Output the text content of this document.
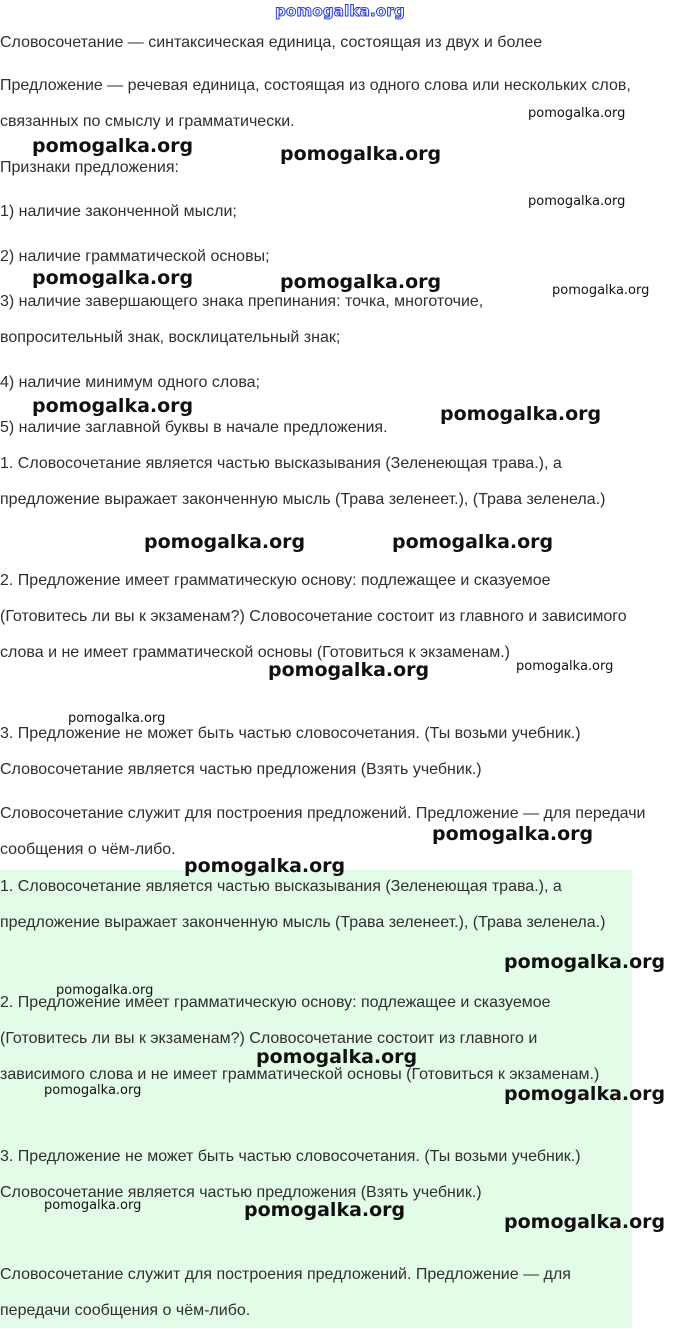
pomogalka.org

Словосочетание — синтаксическая единица, состоящая из двух и более

Предложение — речевая единица, состоящая из одного слова или нескольких слов, связанных по смыслу и грамматически.

Признаки предложения:

1) наличие законченной мысли;

2) наличие грамматической основы;

3) наличие завершающего знака препинания: точка, многоточие, вопросительный знак, восклицательный знак;

4) наличие минимум одного слова;

5) наличие заглавной буквы в начале предложения.

1. Словосочетание является частью высказывания (Зеленеющая трава.), а предложение выражает законченную мысль (Трава зеленеет.), (Трава зеленела.)

2. Предложение имеет грамматическую основу: подлежащее и сказуемое (Готовитесь ли вы к экзаменам?) Словосочетание состоит из главного и зависимого слова и не имеет грамматической основы (Готовиться к экзаменам.)

3. Предложение не может быть частью словосочетания. (Ты возьми учебник.) Словосочетание является частью предложения (Взять учебник.)

Словосочетание служит для построения предложений. Предложение — для передачи сообщения о чём-либо.

1. Словосочетание является частью высказывания (Зеленеющая трава.), а предложение выражает законченную мысль (Трава зеленеет.), (Трава зеленела.)

2. Предложение имеет грамматическую основу: подлежащее и сказуемое (Готовитесь ли вы к экзаменам?) Словосочетание состоит из главного и зависимого слова и не имеет грамматической основы (Готовиться к экзаменам.)

3. Предложение не может быть частью словосочетания. (Ты возьми учебник.) Словосочетание является частью предложения (Взять учебник.)

Словосочетание служит для построения предложений. Предложение — для передачи сообщения о чём-либо.

pomogalka.org
pomogalka.org	pomogalka.org
pomogalka.org
pomogalka.org	pomogalka.org	pomogalka.org
pomogalka.org	pomogalka.org
pomogalka.org	pomogalka.org
pomogalka.org
pomogalka.org
pomogalka.org
pomogalka.org
pomogalka.org
pomogalka.org
pomogalka.org
pomogalka.org
pomogalka.org	pomogalka.org
pomogalka.org	pomogalka.org
pomogalka.org
